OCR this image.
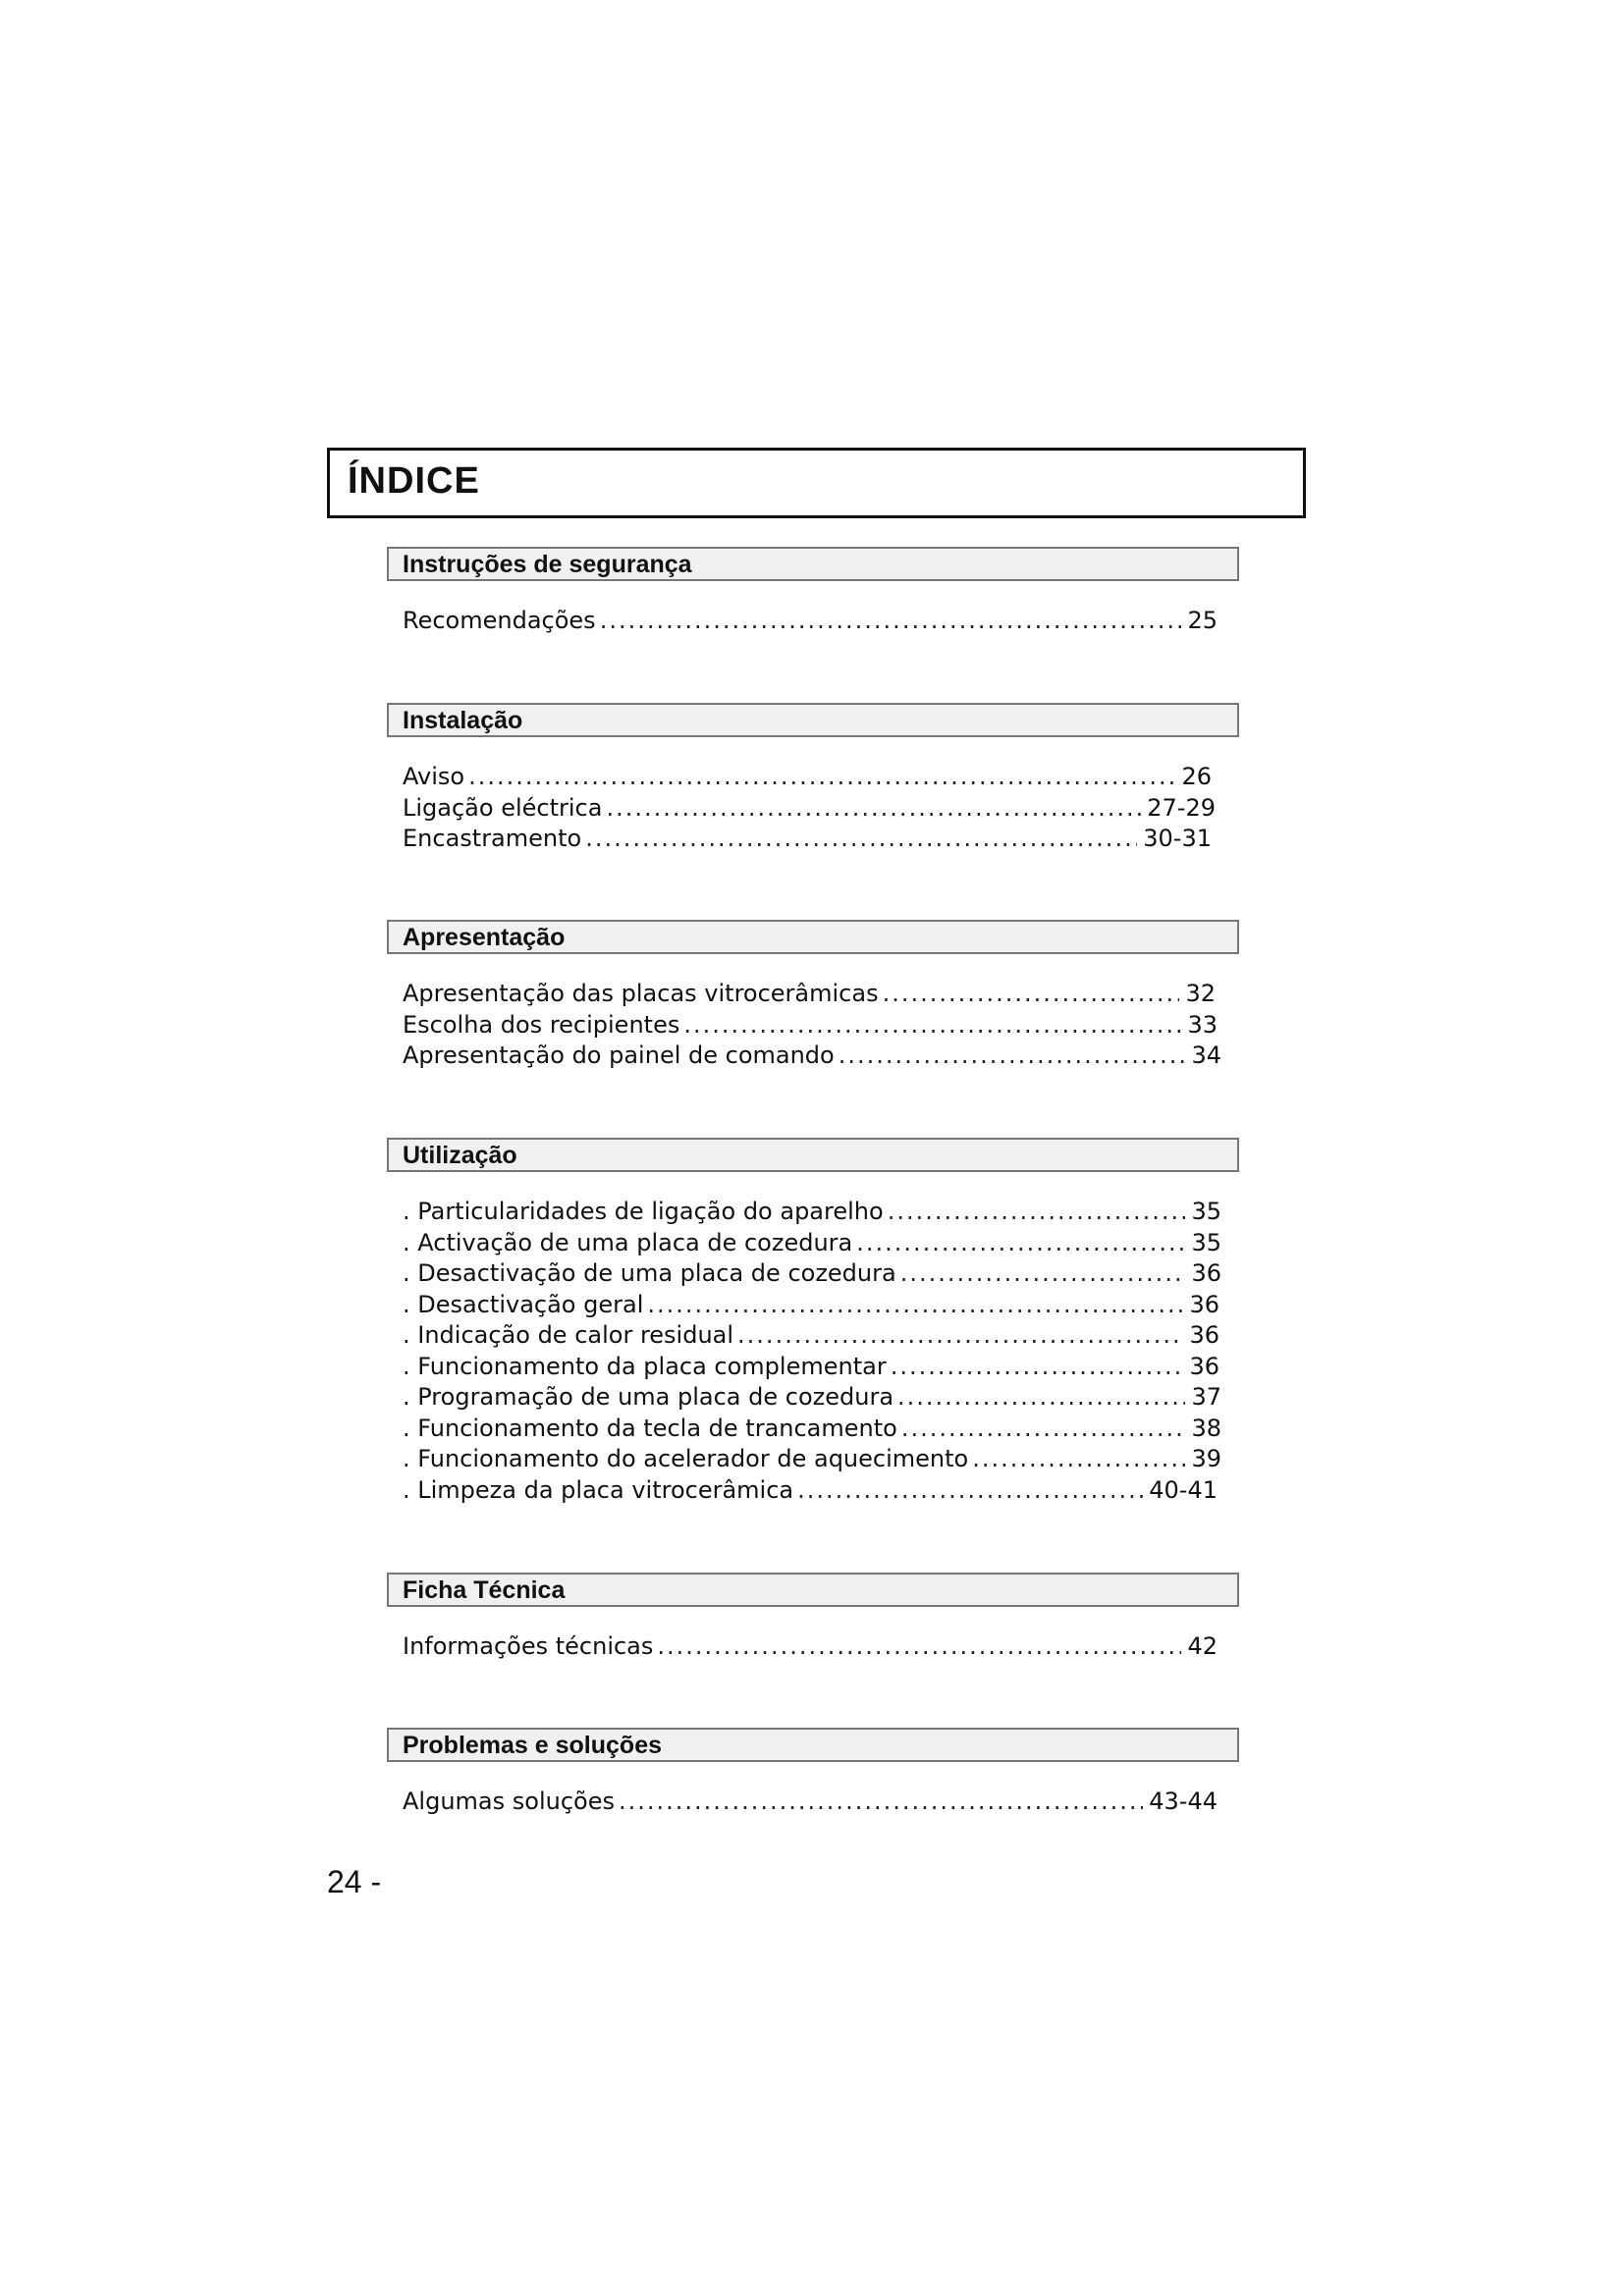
ÍNDICE
Instruções de segurança
Recomendações .....	25
Instalação
Aviso .....	26
Ligação eléctrica .....	27-29
Encastramento .....	30-31
Apresentação
Apresentação das placas vitrocerâmicas .....	32
Escolha dos recipientes .....	33
Apresentação do painel de comando .....	34
Utilização
. Particularidades de ligação do aparelho .....	35
. Activação de uma placa de cozedura .....	35
. Desactivação de uma placa de cozedura .....	36
. Desactivação geral .....	36
. Indicação de calor residual .....	36
. Funcionamento da placa complementar .....	36
. Programação de uma placa de cozedura .....	37
. Funcionamento da tecla de trancamento .....	38
. Funcionamento do acelerador de aquecimento .....	39
. Limpeza da placa vitrocerâmica .....	40-41
Ficha Técnica
Informações técnicas .....	42
Problemas e soluções
Algumas soluções .....	43-44
24 -
